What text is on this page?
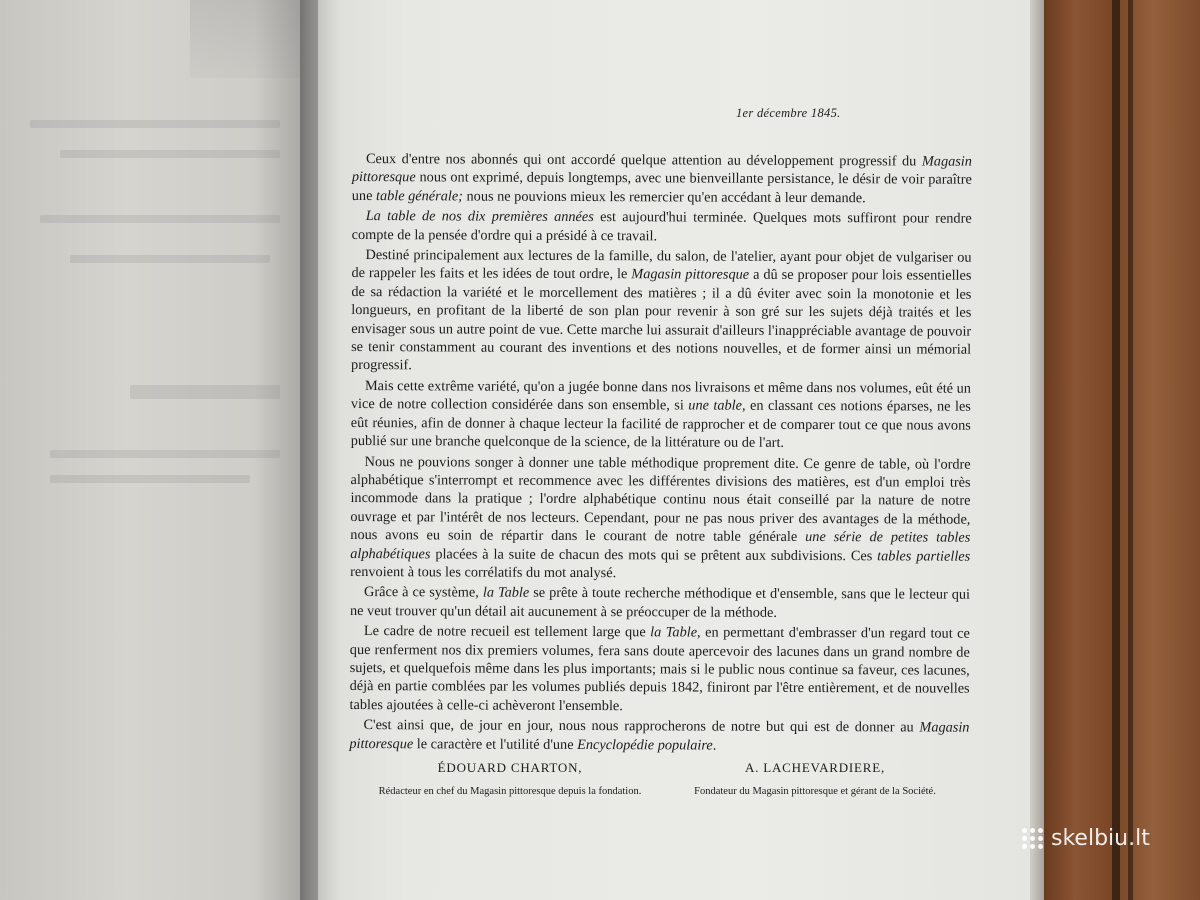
1er décembre 1845.

Ceux d'entre nos abonnés qui ont accordé quelque attention au développement progressif du Magasin pittoresque nous ont exprimé, depuis longtemps, avec une bienveillante persistance, le désir de voir paraître une table générale; nous ne pouvions mieux les remercier qu'en accédant à leur demande.

La table de nos dix premières années est aujourd'hui terminée. Quelques mots suffiront pour rendre compte de la pensée d'ordre qui a présidé à ce travail.

Destiné principalement aux lectures de la famille, du salon, de l'atelier, ayant pour objet de vulgariser ou de rappeler les faits et les idées de tout ordre, le Magasin pittoresque a dû se proposer pour lois essentielles de sa rédaction la variété et le morcellement des matières ; il a dû éviter avec soin la monotonie et les longueurs, en profitant de la liberté de son plan pour revenir à son gré sur les sujets déjà traités et les envisager sous un autre point de vue. Cette marche lui assurait d'ailleurs l'inappréciable avantage de pouvoir se tenir constamment au courant des inventions et des notions nouvelles, et de former ainsi un mémorial progressif.

Mais cette extrême variété, qu'on a jugée bonne dans nos livraisons et même dans nos volumes, eût été un vice de notre collection considérée dans son ensemble, si une table, en classant ces notions éparses, ne les eût réunies, afin de donner à chaque lecteur la facilité de rapprocher et de comparer tout ce que nous avons publié sur une branche quelconque de la science, de la littérature ou de l'art.

Nous ne pouvions songer à donner une table méthodique proprement dite. Ce genre de table, où l'ordre alphabétique s'interrompt et recommence avec les différentes divisions des matières, est d'un emploi très incommode dans la pratique ; l'ordre alphabétique continu nous était conseillé par la nature de notre ouvrage et par l'intérêt de nos lecteurs. Cependant, pour ne pas nous priver des avantages de la méthode, nous avons eu soin de répartir dans le courant de notre table générale une série de petites tables alphabétiques placées à la suite de chacun des mots qui se prêtent aux subdivisions. Ces tables partielles renvoient à tous les corrélatifs du mot analysé.

Grâce à ce système, la Table se prête à toute recherche méthodique et d'ensemble, sans que le lecteur qui ne veut trouver qu'un détail ait aucunement à se préoccuper de la méthode.

Le cadre de notre recueil est tellement large que la Table, en permettant d'embrasser d'un regard tout ce que renferment nos dix premiers volumes, fera sans doute apercevoir des lacunes dans un grand nombre de sujets, et quelquefois même dans les plus importants; mais si le public nous continue sa faveur, ces lacunes, déjà en partie comblées par les volumes publiés depuis 1842, finiront par l'être entièrement, et de nouvelles tables ajoutées à celle-ci achèveront l'ensemble.

C'est ainsi que, de jour en jour, nous nous rapprocherons de notre but qui est de donner au Magasin pittoresque le caractère et l'utilité d'une Encyclopédie populaire.

ÉDOUARD CHARTON,
Rédacteur en chef du Magasin pittoresque depuis la fondation.
A. LACHEVARDIERE,
Fondateur du Magasin pittoresque et gérant de la Société.
skelbiu.lt
